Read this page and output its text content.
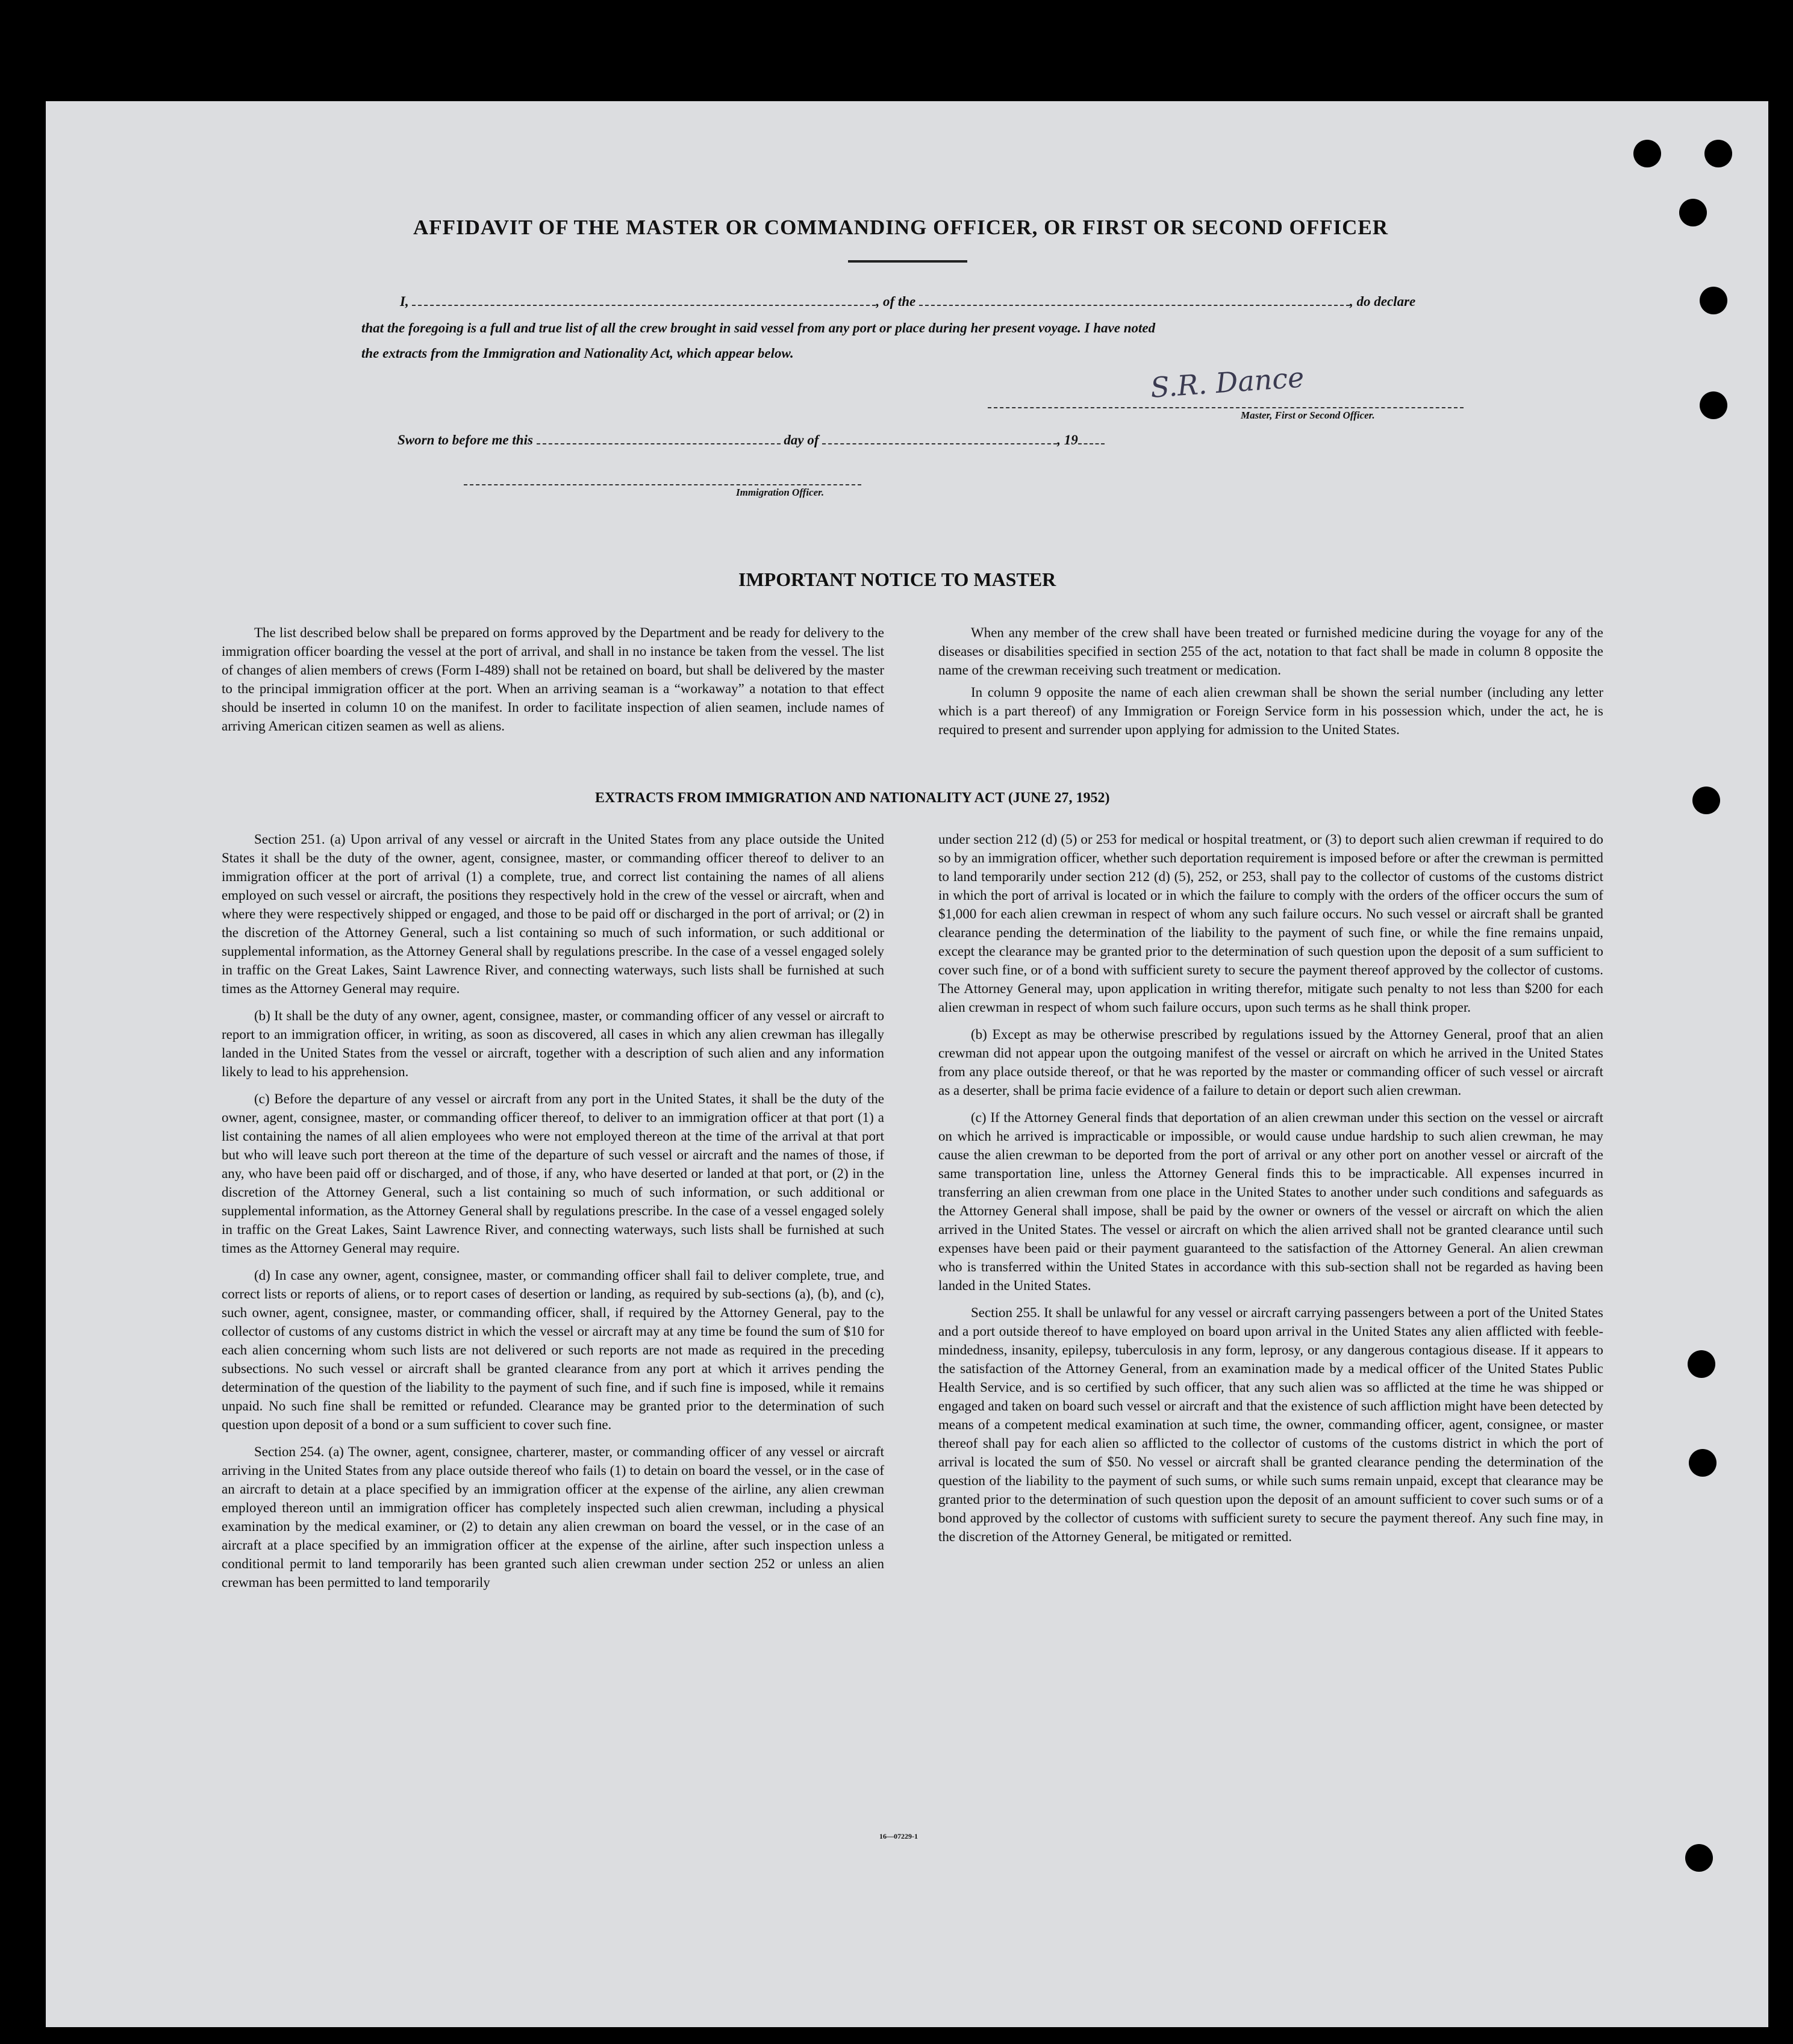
AFFIDAVIT OF THE MASTER OR COMMANDING OFFICER, OR FIRST OR SECOND OFFICER
I,	, of the	, do declare
that the foregoing is a full and true list of all the crew brought in said vessel from any port or place during her present voyage. I have noted
the extracts from the Immigration and Nationality Act, which appear below.
S.R. Dance
Master, First or Second Officer.
Sworn to before me this	day of	, 19
Immigration Officer.
IMPORTANT NOTICE TO MASTER

The list described below shall be prepared on forms approved by the Department and be ready for delivery to the immigration officer boarding the vessel at the port of arrival, and shall in no instance be taken from the vessel. The list of changes of alien members of crews (Form I-489) shall not be retained on board, but shall be delivered by the master to the principal immigration officer at the port. When an arriving seaman is a “workaway” a notation to that effect should be inserted in column 10 on the manifest. In order to facilitate inspection of alien seamen, include names of arriving American citizen seamen as well as aliens.

When any member of the crew shall have been treated or furnished medicine during the voyage for any of the diseases or disabilities specified in section 255 of the act, notation to that fact shall be made in column 8 opposite the name of the crewman receiving such treatment or medication.

In column 9 opposite the name of each alien crewman shall be shown the serial number (including any letter which is a part thereof) of any Immigration or Foreign Service form in his possession which, under the act, he is required to present and surrender upon applying for admission to the United States.

EXTRACTS FROM IMMIGRATION AND NATIONALITY ACT (JUNE 27, 1952)

Section 251. (a) Upon arrival of any vessel or aircraft in the United States from any place outside the United States it shall be the duty of the owner, agent, consignee, master, or commanding officer thereof to deliver to an immigration officer at the port of arrival (1) a complete, true, and correct list containing the names of all aliens employed on such vessel or aircraft, the positions they respectively hold in the crew of the vessel or aircraft, when and where they were respectively shipped or engaged, and those to be paid off or discharged in the port of arrival; or (2) in the discretion of the Attorney General, such a list containing so much of such information, or such additional or supplemental information, as the Attorney General shall by regulations prescribe. In the case of a vessel engaged solely in traffic on the Great Lakes, Saint Lawrence River, and connecting waterways, such lists shall be furnished at such times as the Attorney General may require.

(b) It shall be the duty of any owner, agent, consignee, master, or commanding officer of any vessel or aircraft to report to an immigration officer, in writing, as soon as discovered, all cases in which any alien crewman has illegally landed in the United States from the vessel or aircraft, together with a description of such alien and any information likely to lead to his apprehension.

(c) Before the departure of any vessel or aircraft from any port in the United States, it shall be the duty of the owner, agent, consignee, master, or commanding officer thereof, to deliver to an immigration officer at that port (1) a list containing the names of all alien employees who were not employed thereon at the time of the arrival at that port but who will leave such port thereon at the time of the departure of such vessel or aircraft and the names of those, if any, who have been paid off or discharged, and of those, if any, who have deserted or landed at that port, or (2) in the discretion of the Attorney General, such a list containing so much of such information, or such additional or supplemental information, as the Attorney General shall by regulations prescribe. In the case of a vessel engaged solely in traffic on the Great Lakes, Saint Lawrence River, and connecting waterways, such lists shall be furnished at such times as the Attorney General may require.

(d) In case any owner, agent, consignee, master, or commanding officer shall fail to deliver complete, true, and correct lists or reports of aliens, or to report cases of desertion or landing, as required by sub-sections (a), (b), and (c), such owner, agent, consignee, master, or commanding officer, shall, if required by the Attorney General, pay to the collector of customs of any customs district in which the vessel or aircraft may at any time be found the sum of $10 for each alien concerning whom such lists are not delivered or such reports are not made as required in the preceding subsections. No such vessel or aircraft shall be granted clearance from any port at which it arrives pending the determination of the question of the liability to the payment of such fine, and if such fine is imposed, while it remains unpaid. No such fine shall be remitted or refunded. Clearance may be granted prior to the determination of such question upon deposit of a bond or a sum sufficient to cover such fine.

Section 254. (a) The owner, agent, consignee, charterer, master, or commanding officer of any vessel or aircraft arriving in the United States from any place outside thereof who fails (1) to detain on board the vessel, or in the case of an aircraft to detain at a place specified by an immigration officer at the expense of the airline, any alien crewman employed thereon until an immigration officer has completely inspected such alien crewman, including a physical examination by the medical examiner, or (2) to detain any alien crewman on board the vessel, or in the case of an aircraft at a place specified by an immigration officer at the expense of the airline, after such inspection unless a conditional permit to land temporarily has been granted such alien crewman under section 252 or unless an alien crewman has been permitted to land temporarily

under section 212 (d) (5) or 253 for medical or hospital treatment, or (3) to deport such alien crewman if required to do so by an immigration officer, whether such deportation requirement is imposed before or after the crewman is permitted to land temporarily under section 212 (d) (5), 252, or 253, shall pay to the collector of customs of the customs district in which the port of arrival is located or in which the failure to comply with the orders of the officer occurs the sum of $1,000 for each alien crewman in respect of whom any such failure occurs. No such vessel or aircraft shall be granted clearance pending the determination of the liability to the payment of such fine, or while the fine remains unpaid, except the clearance may be granted prior to the determination of such question upon the deposit of a sum sufficient to cover such fine, or of a bond with sufficient surety to secure the payment thereof approved by the collector of customs. The Attorney General may, upon application in writing therefor, mitigate such penalty to not less than $200 for each alien crewman in respect of whom such failure occurs, upon such terms as he shall think proper.

(b) Except as may be otherwise prescribed by regulations issued by the Attorney General, proof that an alien crewman did not appear upon the outgoing manifest of the vessel or aircraft on which he arrived in the United States from any place outside thereof, or that he was reported by the master or commanding officer of such vessel or aircraft as a deserter, shall be prima facie evidence of a failure to detain or deport such alien crewman.

(c) If the Attorney General finds that deportation of an alien crewman under this section on the vessel or aircraft on which he arrived is impracticable or impossible, or would cause undue hardship to such alien crewman, he may cause the alien crewman to be deported from the port of arrival or any other port on another vessel or aircraft of the same transportation line, unless the Attorney General finds this to be impracticable. All expenses incurred in transferring an alien crewman from one place in the United States to another under such conditions and safeguards as the Attorney General shall impose, shall be paid by the owner or owners of the vessel or aircraft on which the alien arrived in the United States. The vessel or aircraft on which the alien arrived shall not be granted clearance until such expenses have been paid or their payment guaranteed to the satisfaction of the Attorney General. An alien crewman who is transferred within the United States in accordance with this sub-section shall not be regarded as having been landed in the United States.

Section 255. It shall be unlawful for any vessel or aircraft carrying passengers between a port of the United States and a port outside thereof to have employed on board upon arrival in the United States any alien afflicted with feeble-mindedness, insanity, epilepsy, tuberculosis in any form, leprosy, or any dangerous contagious disease. If it appears to the satisfaction of the Attorney General, from an examination made by a medical officer of the United States Public Health Service, and is so certified by such officer, that any such alien was so afflicted at the time he was shipped or engaged and taken on board such vessel or aircraft and that the existence of such affliction might have been detected by means of a competent medical examination at such time, the owner, commanding officer, agent, consignee, or master thereof shall pay for each alien so afflicted to the collector of customs of the customs district in which the port of arrival is located the sum of $50. No vessel or aircraft shall be granted clearance pending the determination of the question of the liability to the payment of such sums, or while such sums remain unpaid, except that clearance may be granted prior to the determination of such question upon the deposit of an amount sufficient to cover such sums or of a bond approved by the collector of customs with sufficient surety to secure the payment thereof. Any such fine may, in the discretion of the Attorney General, be mitigated or remitted.

16—07229-1
